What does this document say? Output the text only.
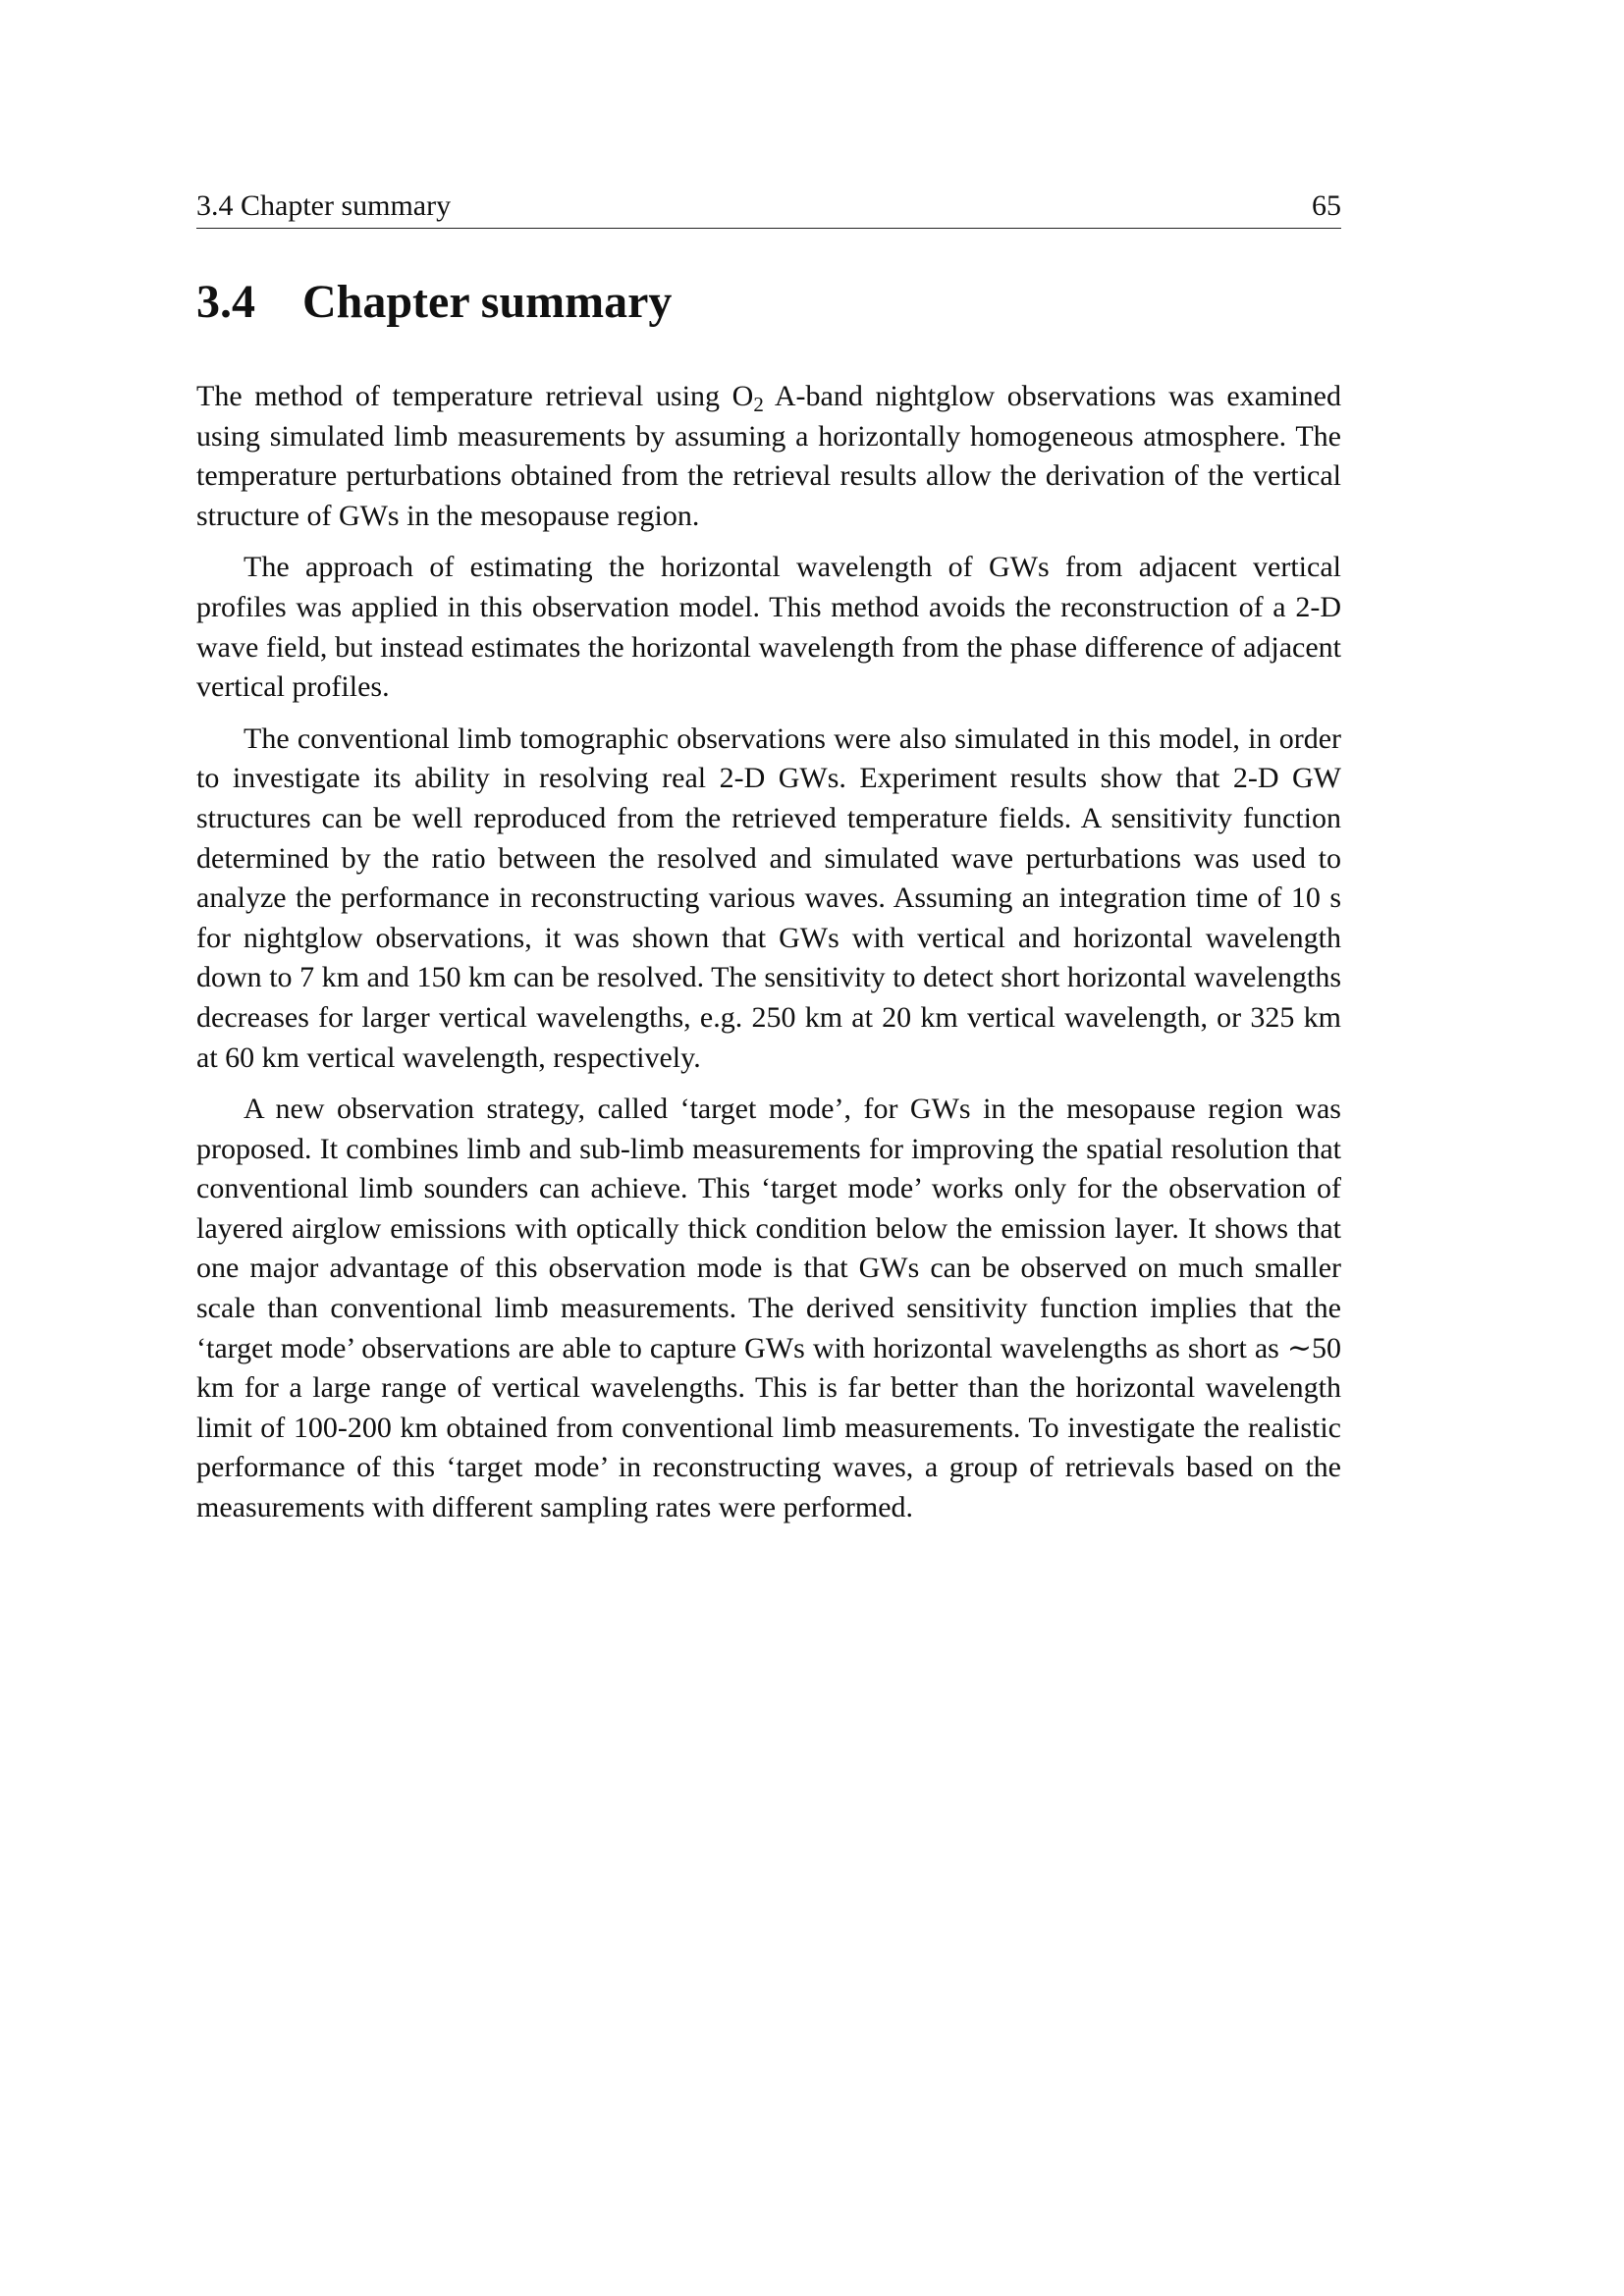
3.4 Chapter summary	65
3.4 Chapter summary

The method of temperature retrieval using $O_2$ A-band nightglow observations was examined using simulated limb measurements by assuming a horizontally homogeneous atmosphere. The temperature perturbations obtained from the retrieval results allow the derivation of the vertical structure of GWs in the mesopause region.

The approach of estimating the horizontal wavelength of GWs from adjacent vertical profiles was applied in this observation model. This method avoids the reconstruction of a 2-D wave field, but instead estimates the horizontal wavelength from the phase difference of adjacent vertical profiles.

The conventional limb tomographic observations were also simulated in this model, in order to investigate its ability in resolving real 2-D GWs. Experiment results show that 2-D GW structures can be well reproduced from the retrieved temperature fields. A sensitivity function determined by the ratio between the resolved and simulated wave perturbations was used to analyze the performance in reconstructing various waves. Assuming an integration time of 10 s for nightglow observations, it was shown that GWs with vertical and horizontal wavelength down to 7 km and 150 km can be resolved. The sensitivity to detect short horizontal wavelengths decreases for larger vertical wavelengths, e.g. 250 km at 20 km vertical wavelength, or 325 km at 60 km vertical wavelength, respectively.

A new observation strategy, called ‘target mode’, for GWs in the mesopause region was proposed. It combines limb and sub-limb measurements for improving the spatial resolution that conventional limb sounders can achieve. This ‘target mode’ works only for the observation of layered airglow emissions with optically thick condition below the emission layer. It shows that one major advantage of this observation mode is that GWs can be observed on much smaller scale than conventional limb measurements. The derived sensitivity function implies that the ‘target mode’ observations are able to capture GWs with horizontal wavelengths as short as ∼50 km for a large range of vertical wavelengths. This is far better than the horizontal wavelength limit of 100-200 km obtained from conventional limb measurements. To investigate the realistic performance of this ‘target mode’ in reconstructing waves, a group of retrievals based on the measurements with different sampling rates were performed.
